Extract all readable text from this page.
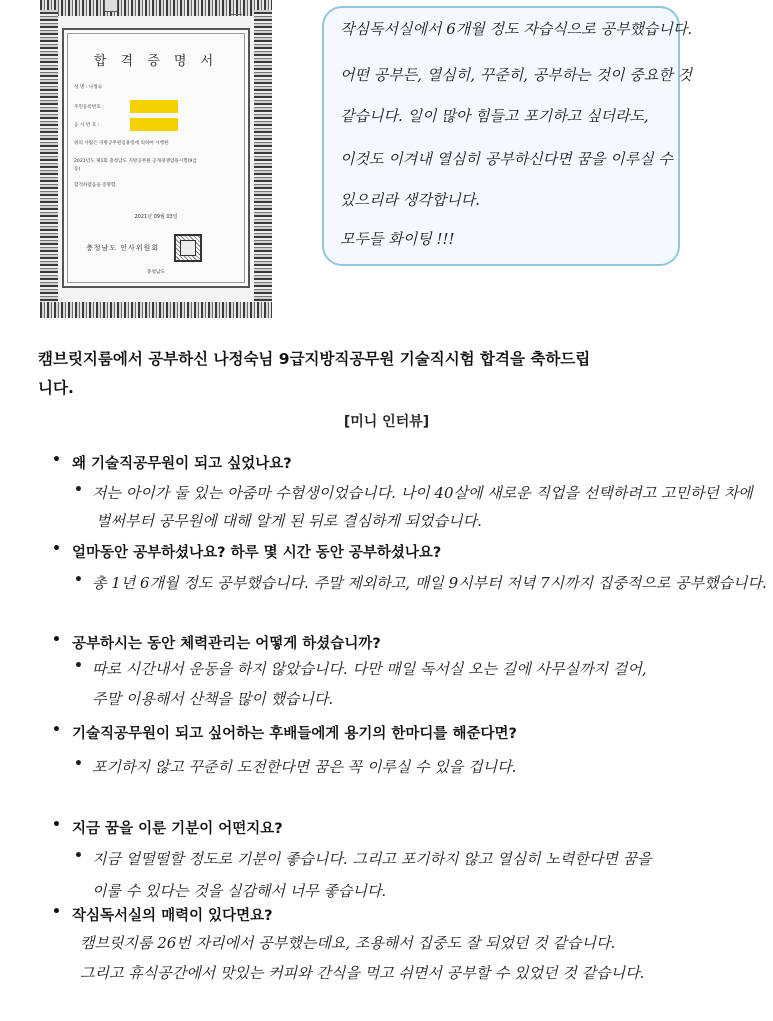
합 격 증 명 서
성 명 : 나정숙
주민등록번호 :
응 시 번 호 :
위의 사람은 지방공무원임용령에 의하여 시행한
2021년도 제1회 충청남도 지방공무원 공개경쟁임용시험(9급
등)
합격하였음을 증명함.
2021년 09월 03일
충청남도 인사위원회
충청남도
작심독서실에서 6개월 정도 자습식으로 공부했습니다.
어떤 공부든, 열심히, 꾸준히, 공부하는 것이 중요한 것
같습니다. 일이 많아 힘들고 포기하고 싶더라도,
이것도 이겨내 열심히 공부하신다면 꿈을 이루실 수
있으리라 생각합니다.
모두들 화이팅 !!!
캠브릿지룸에서 공부하신 나정숙님 9급지방직공무원 기술직시험 합격을 축하드립니다.
[미니 인터뷰]
• 왜 기술직공무원이 되고 싶었나요?
• 저는 아이가 둘 있는 아줌마 수험생이었습니다. 나이 40살에 새로운 직업을 선택하려고 고민하던 차에
벌써부터 공무원에 대해 알게 된 뒤로 결심하게 되었습니다.
• 얼마동안 공부하셨나요? 하루 몇 시간 동안 공부하셨나요?
• 총 1년 6개월 정도 공부했습니다. 주말 제외하고, 매일 9시부터 저녁 7시까지 집중적으로 공부했습니다.
• 공부하시는 동안 체력관리는 어떻게 하셨습니까?
• 따로 시간내서 운동을 하지 않았습니다. 다만 매일 독서실 오는 길에 사무실까지 걸어,
주말 이용해서 산책을 많이 했습니다.
• 기술직공무원이 되고 싶어하는 후배들에게 용기의 한마디를 해준다면?
• 포기하지 않고 꾸준히 도전한다면 꿈은 꼭 이루실 수 있을 겁니다.
• 지금 꿈을 이룬 기분이 어떤지요?
• 지금 얼떨떨할 정도로 기분이 좋습니다. 그리고 포기하지 않고 열심히 노력한다면 꿈을
이룰 수 있다는 것을 실감해서 너무 좋습니다.
• 작심독서실의 매력이 있다면요?
캠브릿지룸 26번 자리에서 공부했는데요, 조용해서 집중도 잘 되었던 것 같습니다.
그리고 휴식공간에서 맛있는 커피와 간식을 먹고 쉬면서 공부할 수 있었던 것 같습니다.
